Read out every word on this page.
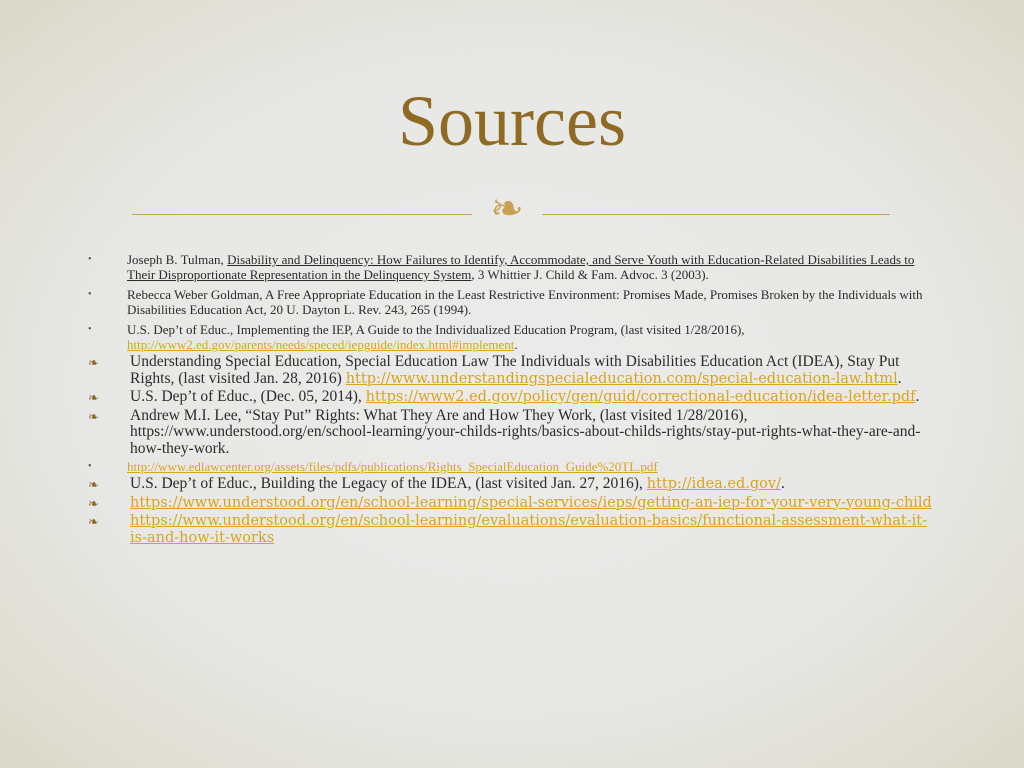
Sources
❧
•	Joseph B. Tulman, Disability and Delinquency: How Failures to Identify, Accommodate, and Serve Youth with Education-Related Disabilities Leads to Their Disproportionate Representation in the Delinquency System, 3 Whittier J. Child & Fam. Advoc. 3 (2003).
•	Rebecca Weber Goldman, A Free Appropriate Education in the Least Restrictive Environment: Promises Made, Promises Broken by the Individuals with Disabilities Education Act, 20 U. Dayton L. Rev. 243, 265 (1994).
•	U.S. Dep’t of Educ., Implementing the IEP, A Guide to the Individualized Education Program, (last visited 1/28/2016), http://www2.ed.gov/parents/needs/speced/iepguide/index.html#implement.
❧ Understanding Special Education, Special Education Law The Individuals with Disabilities Education Act (IDEA), Stay Put Rights, (last visited Jan. 28, 2016) http://www.understandingspecialeducation.com/special-education-law.html.
❧ U.S. Dep’t of Educ., (Dec. 05, 2014), https://www2.ed.gov/policy/gen/guid/correctional-education/idea-letter.pdf.
❧ Andrew M.I. Lee, “Stay Put” Rights: What They Are and How They Work, (last visited 1/28/2016), https://www.understood.org/en/school-learning/your-childs-rights/basics-about-childs-rights/stay-put-rights-what-they-are-and-how-they-work.
•	http://www.edlawcenter.org/assets/files/pdfs/publications/Rights_SpecialEducation_Guide%20TL.pdf
❧ U.S. Dep’t of Educ., Building the Legacy of the IDEA, (last visited Jan. 27, 2016), http://idea.ed.gov/.
❧ https://www.understood.org/en/school-learning/special-services/ieps/getting-an-iep-for-your-very-young-child
❧ https://www.understood.org/en/school-learning/evaluations/evaluation-basics/functional-assessment-what-it-is-and-how-it-works
